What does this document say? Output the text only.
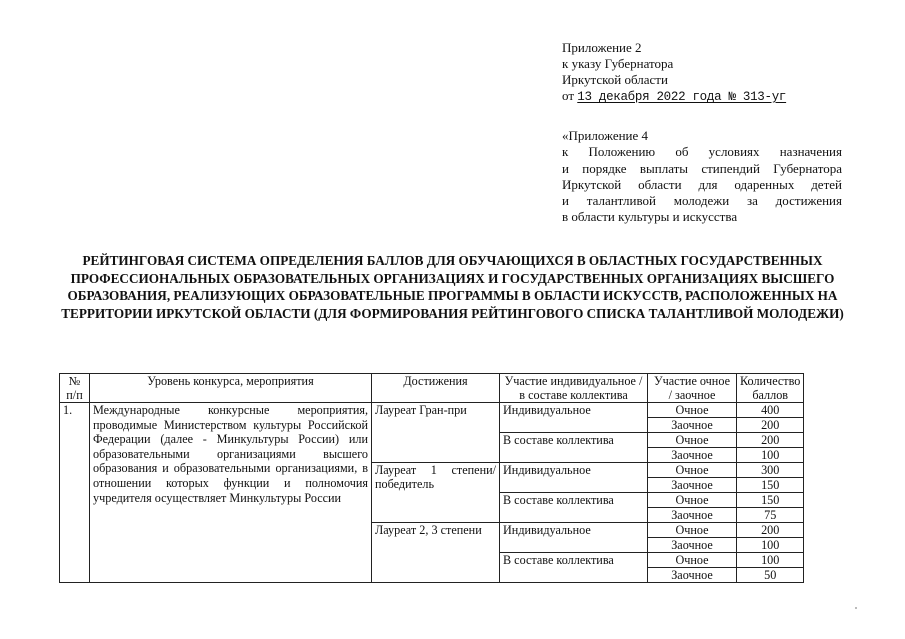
Приложение 2
к указу Губернатора
Иркутской области
от 13 декабря 2022 года № 313-уг
«Приложение 4
к Положению об условиях назначения
и порядке выплаты стипендий Губернатора
Иркутской области для одаренных детей
и талантливой молодежи за достижения
в области культуры и искусства
РЕЙТИНГОВАЯ СИСТЕМА ОПРЕДЕЛЕНИЯ БАЛЛОВ ДЛЯ ОБУЧАЮЩИХСЯ В ОБЛАСТНЫХ ГОСУДАРСТВЕННЫХ ПРОФЕССИОНАЛЬНЫХ ОБРАЗОВАТЕЛЬНЫХ ОРГАНИЗАЦИЯХ И ГОСУДАРСТВЕННЫХ ОРГАНИЗАЦИЯХ ВЫСШЕГО ОБРАЗОВАНИЯ, РЕАЛИЗУЮЩИХ ОБРАЗОВАТЕЛЬНЫЕ ПРОГРАММЫ В ОБЛАСТИ ИСКУССТВ, РАСПОЛОЖЕННЫХ НА ТЕРРИТОРИИ ИРКУТСКОЙ ОБЛАСТИ (ДЛЯ ФОРМИРОВАНИЯ РЕЙТИНГОВОГО СПИСКА ТАЛАНТЛИВОЙ МОЛОДЕЖИ)
№ п/п	Уровень конкурса, мероприятия	Достижения	Участие индивидуальное / в составе коллектива	Участие очное / заочное	Количество баллов
1.	Международные конкурсные мероприятия, проводимые Министерством культуры Российской Федерации (далее - Минкультуры России) или образовательными организациями высшего образования и образовательными организациями, в отношении которых функции и полномочия учредителя осуществляет Минкультуры России	Лауреат Гран-при	Индивидуальное	Очное	400
				Заочное	200
			В составе коллектива	Очное	200
				Заочное	100
		Лауреат 1 степени/ победитель	Индивидуальное	Очное	300
				Заочное	150
			В составе коллектива	Очное	150
				Заочное	75
		Лауреат 2, 3 степени	Индивидуальное	Очное	200
				Заочное	100
			В составе коллектива	Очное	100
				Заочное	50
